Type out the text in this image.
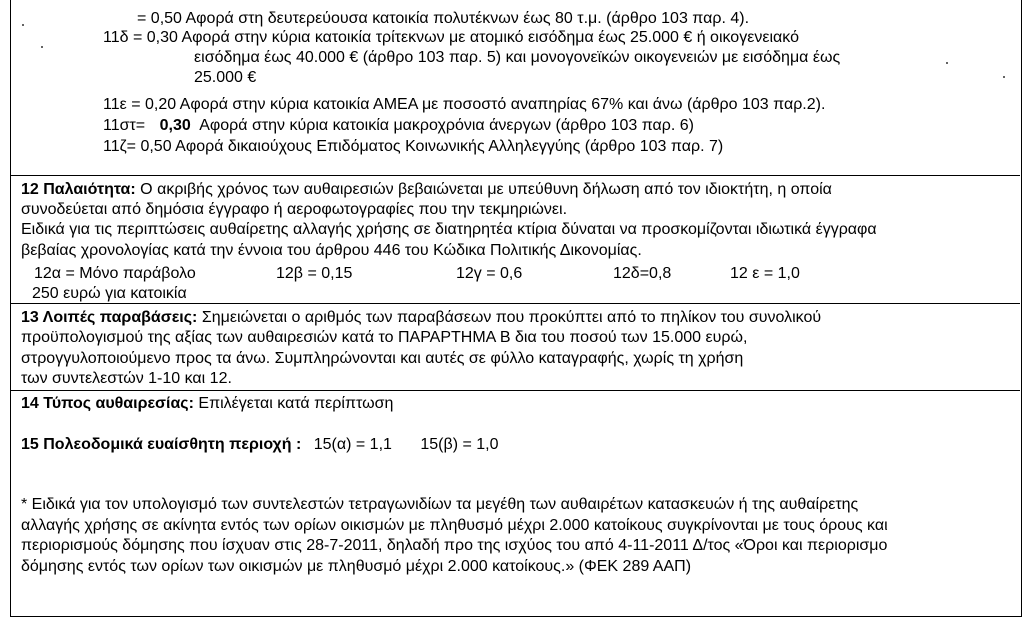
= 0,50 Αφορά στη δευτερεύουσα κατοικία πολυτέκνων έως 80 τ.μ. (άρθρο 103 παρ. 4).
11δ = 0,30 Αφορά στην κύρια κατοικία τρίτεκνων με ατομικό εισόδημα έως 25.000 € ή οικογενειακό
εισόδημα έως 40.000 € (άρθρο 103 παρ. 5) και μονογονεϊκών οικογενειών με εισόδημα έως
25.000 €
11ε = 0,20 Αφορά στην κύρια κατοικία ΑΜΕΑ με ποσοστό αναπηρίας 67% και άνω (άρθρο 103 παρ.2).
11στ= 0,30 Αφορά στην κύρια κατοικία μακροχρόνια άνεργων (άρθρο 103 παρ. 6)
11ζ= 0,50 Αφορά δικαιούχους Επιδόματος Κοινωνικής Αλληλεγγύης (άρθρο 103 παρ. 7)
12 Παλαιότητα: Ο ακριβής χρόνος των αυθαιρεσιών βεβαιώνεται με υπεύθυνη δήλωση από τον ιδιοκτήτη, η οποία
συνοδεύεται από δημόσια έγγραφο ή αεροφωτογραφίες που την τεκμηριώνει.
Ειδικά για τις περιπτώσεις αυθαίρετης αλλαγής χρήσης σε διατηρητέα κτίρια δύναται να προσκομίζονται ιδιωτικά έγγραφα
βεβαίας χρονολογίας κατά την έννοια του άρθρου 446 του Κώδικα Πολιτικής Δικονομίας.
12α = Μόνο παράβολο	12β = 0,15	12γ = 0,6	12δ=0,8	12 ε = 1,0
250 ευρώ για κατοικία
13 Λοιπές παραβάσεις: Σημειώνεται ο αριθμός των παραβάσεων που προκύπτει από το πηλίκον του συνολικού
προϋπολογισμού της αξίας των αυθαιρεσιών κατά το ΠΑΡΑΡΤΗΜΑ Β δια του ποσού των 15.000 ευρώ,
στρογγυλοποιούμενο προς τα άνω. Συμπληρώνονται και αυτές σε φύλλο καταγραφής, χωρίς τη χρήση
των συντελεστών 1-10 και 12.
14 Τύπος αυθαιρεσίας: Επιλέγεται κατά περίπτωση
15 Πολεοδομικά ευαίσθητη περιοχή : 15(α) = 1,1 15(β) = 1,0
* Ειδικά για τον υπολογισμό των συντελεστών τετραγωνιδίων τα μεγέθη των αυθαιρέτων κατασκευών ή της αυθαίρετης
αλλαγής χρήσης σε ακίνητα εντός των ορίων οικισμών με πληθυσμό μέχρι 2.000 κατοίκους συγκρίνονται με τους όρους και
περιορισμούς δόμησης που ίσχυαν στις 28-7-2011, δηλαδή προ της ισχύος του από 4-11-2011 Δ/τος «Όροι και περιορισμο
δόμησης εντός των ορίων των οικισμών με πληθυσμό μέχρι 2.000 κατοίκους.» (ΦΕΚ 289 ΑΑΠ)
